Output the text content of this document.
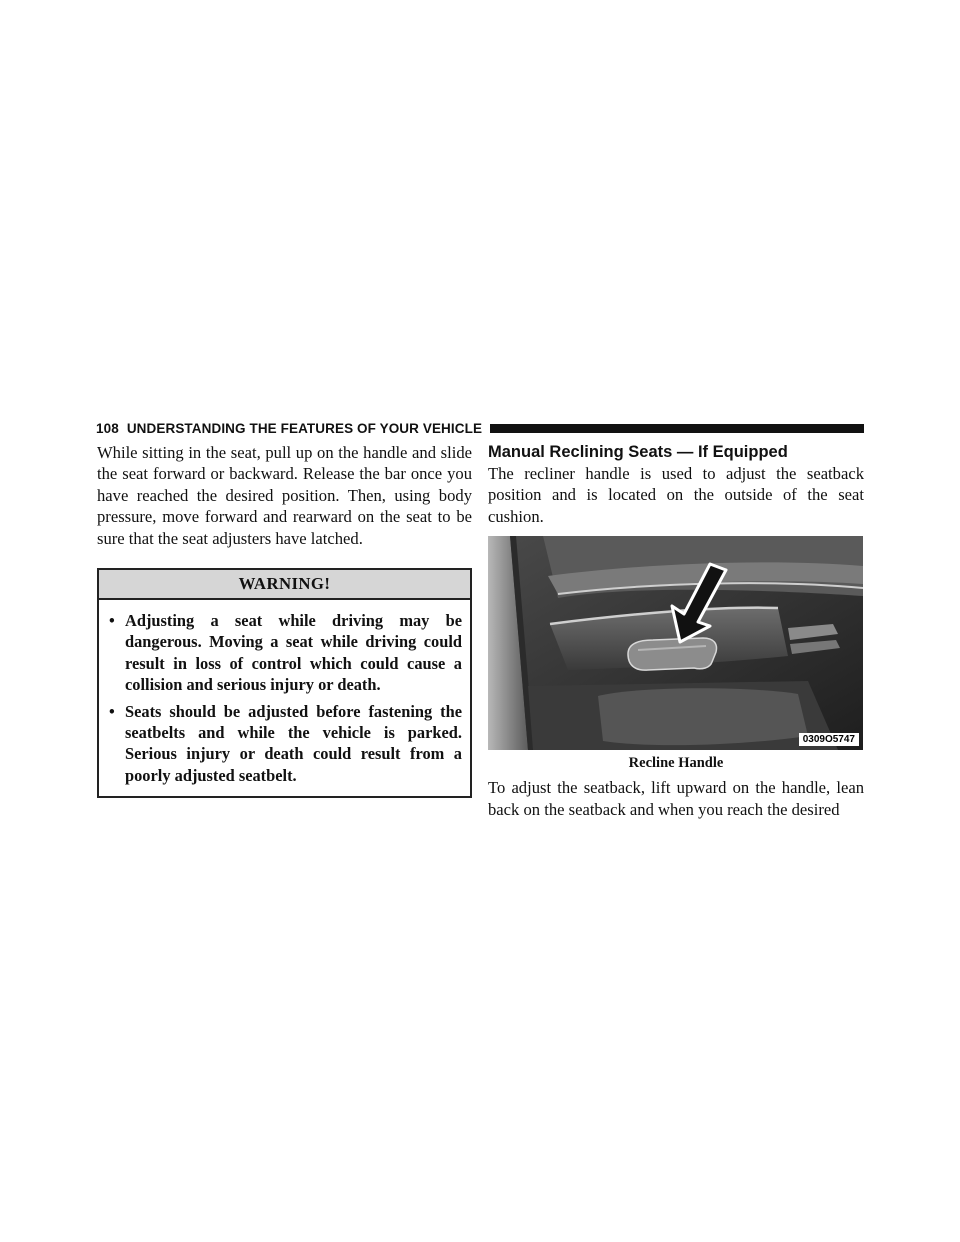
108 UNDERSTANDING THE FEATURES OF YOUR VEHICLE

While sitting in the seat, pull up on the handle and slide the seat forward or backward. Release the bar once you have reached the desired position. Then, using body pressure, move forward and rearward on the seat to be sure that the seat adjusters have latched.

WARNING!
• Adjusting a seat while driving may be dangerous. Moving a seat while driving could result in loss of control which could cause a collision and serious injury or death.
• Seats should be adjusted before fastening the seatbelts and while the vehicle is parked. Serious injury or death could result from a poorly adjusted seatbelt.
Manual Reclining Seats — If Equipped

The recliner handle is used to adjust the seatback position and is located on the outside of the seat cushion.

0309O5747
Recline Handle

To adjust the seatback, lift upward on the handle, lean back on the seatback and when you reach the desired
